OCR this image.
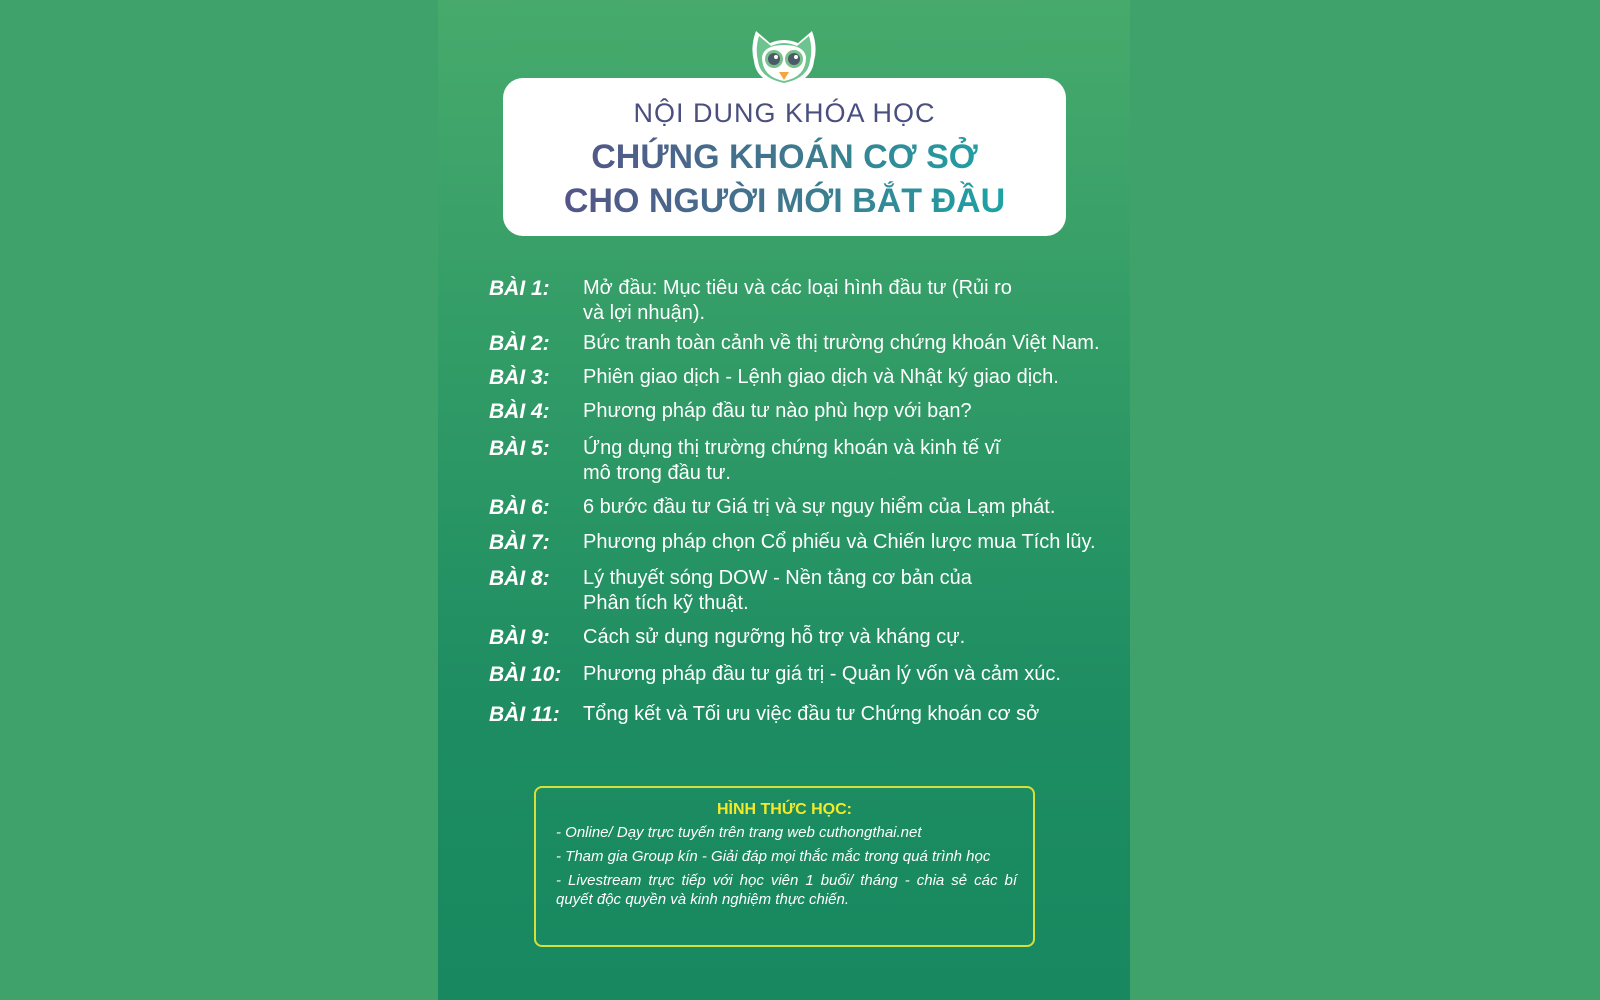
NỘI DUNG KHÓA HỌC
CHỨNG KHOÁN CƠ SỞ
CHO NGƯỜI MỚI BẮT ĐẦU
BÀI 1:	Mở đầu: Mục tiêu và các loại hình đầu tư (Rủi ro và lợi nhuận).
BÀI 2:	Bức tranh toàn cảnh về thị trường chứng khoán Việt Nam.
BÀI 3:	Phiên giao dịch - Lệnh giao dịch và Nhật ký giao dịch.
BÀI 4:	Phương pháp đầu tư nào phù hợp với bạn?
BÀI 5:	Ứng dụng thị trường chứng khoán và kinh tế vĩ mô trong đầu tư.
BÀI 6:	6 bước đầu tư Giá trị và sự nguy hiểm của Lạm phát.
BÀI 7:	Phương pháp chọn Cổ phiếu và Chiến lược mua Tích lũy.
BÀI 8:	Lý thuyết sóng DOW - Nền tảng cơ bản của Phân tích kỹ thuật.
BÀI 9:	Cách sử dụng ngưỡng hỗ trợ và kháng cự.
BÀI 10:	Phương pháp đầu tư giá trị - Quản lý vốn và cảm xúc.
BÀI 11:	Tổng kết và Tối ưu việc đầu tư Chứng khoán cơ sở
HÌNH THỨC HỌC:
- Online/ Dạy trực tuyến trên trang web cuthongthai.net
- Tham gia Group kín - Giải đáp mọi thắc mắc trong quá trình học
- Livestream trực tiếp với học viên 1 buổi/ tháng - chia sẻ các bí quyết độc quyền và kinh nghiệm thực chiến.
